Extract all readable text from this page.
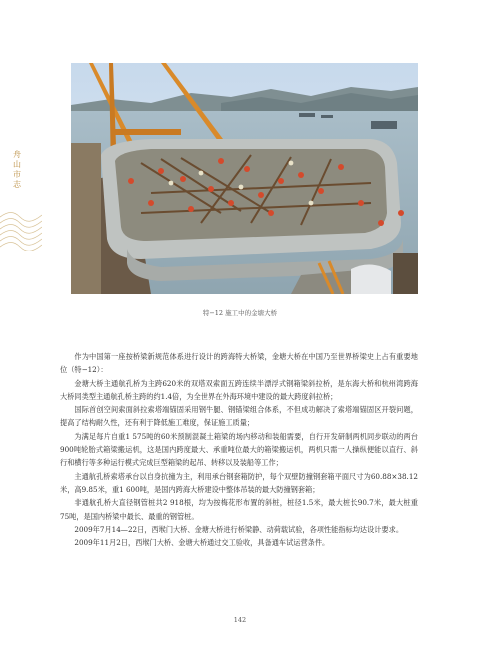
舟
山
市
志
特−12 施工中的金塘大桥

作为中国第一座按桥梁新规范体系进行设计的跨海特大桥梁，金塘大桥在中国乃至世界桥梁史上占有重要地位（特−12）：

金塘大桥主通航孔桥为主跨620米的双塔双索面五跨连续半漂浮式钢箱梁斜拉桥，是东海大桥和杭州湾跨海大桥同类型主通航孔桥主跨的约1.4倍，为全世界在外海环境中建设的最大跨度斜拉桥；

国际首创空间索面斜拉索塔端锚固采用钢牛腿、钢锚梁组合体系，不但成功解决了索塔端锚固区开裂问题，提高了结构耐久性，还有利于降低施工难度，保证施工质量；

为满足每片自重1 575吨的60米预制混凝土箱梁的场内移动和装船需要，自行开发研制两机同步联动的两台900吨轮胎式箱梁搬运机，这是国内跨度最大、承重吨位最大的箱梁搬运机，两机只需一人操纵便能以直行、斜行和横行等多种运行模式完成巨型箱梁的起吊、转移以及装船等工作；

主通航孔桥索塔承台以自身抗撞为主，利用承台钢套箱防护，每个双壁防撞钢套箱平面尺寸为60.88×38.12米，高9.85米，重1 600吨，是国内跨海大桥建设中整体吊装的最大防撞钢套箱；

非通航孔桥大直径钢管桩共2 918根，均为按梅花形布置的斜桩，桩径1.5米，最大桩长90.7米，最大桩重75吨，是国内桥梁中最长、最重的钢管桩。

2009年7月14—22日，西堠门大桥、金塘大桥进行桥梁静、动荷载试验，各项性能指标均达设计要求。

2009年11月2日，西堠门大桥、金塘大桥通过交工验收，具备通车试运营条件。

142
